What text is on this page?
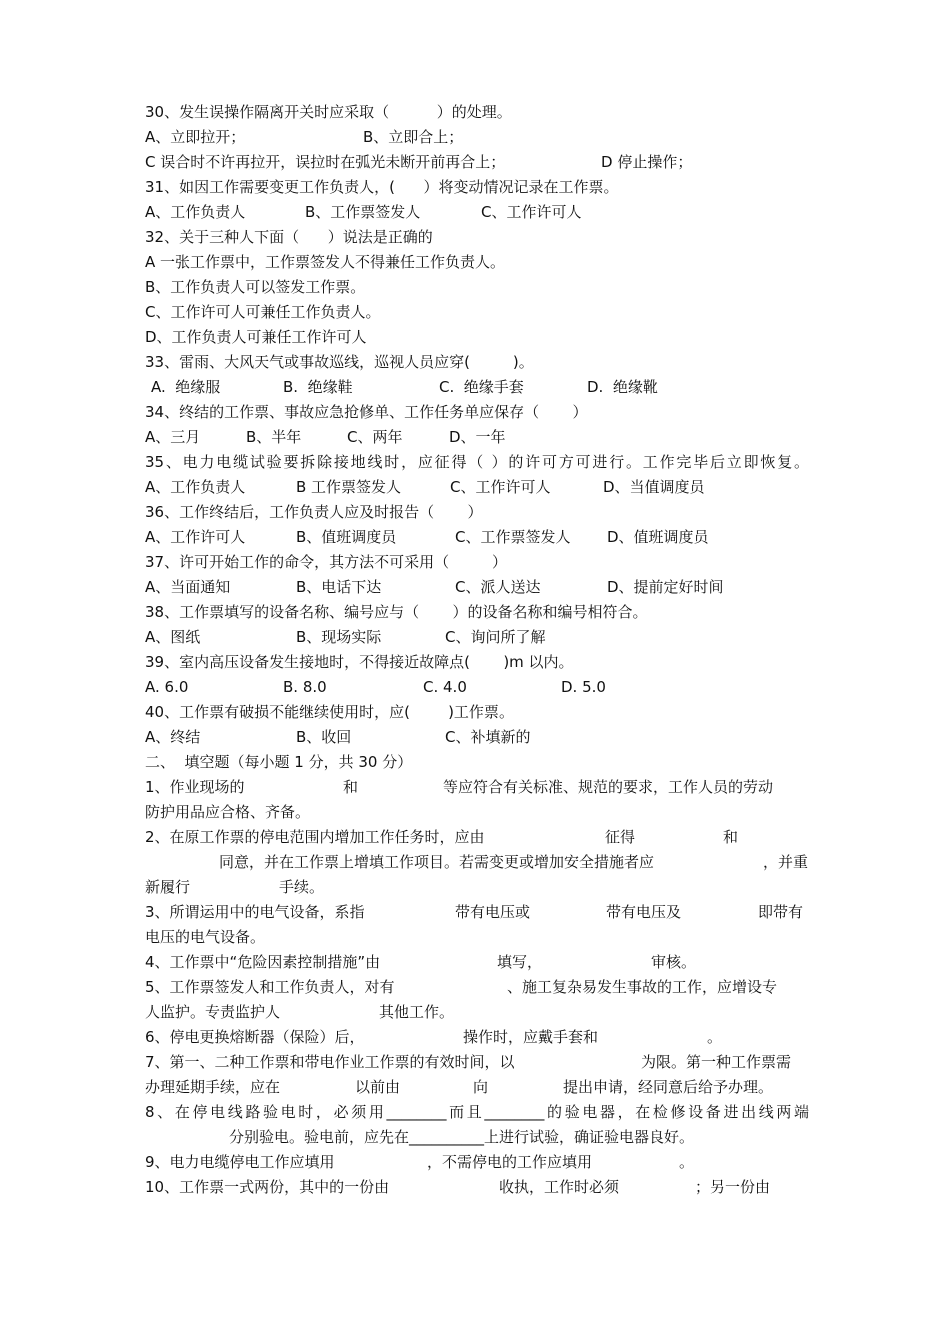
30、发生误操作隔离开关时应采取（          ）的处理。
A、立即拉开；	B、立即合上；
C 误合时不许再拉开，误拉时在弧光未断开前再合上；	D 停止操作；
31、如因工作需要变更工作负责人，(      ）将变动情况记录在工作票。
A、工作负责人	B、工作票签发人	C、工作许可人
32、关于三种人下面（      ）说法是正确的
A 一张工作票中，工作票签发人不得兼任工作负责人。
B、工作负责人可以签发工作票。
C、工作许可人可兼任工作负责人。
D、工作负责人可兼任工作许可人
33、雷雨、大风天气或事故巡线，巡视人员应穿(         )。
A.  绝缘服	B.  绝缘鞋	C.  绝缘手套	D.  绝缘靴
34、终结的工作票、事故应急抢修单、工作任务单应保存（       ）
A、三月	B、半年	C、两年	D、一年
35、电力电缆试验要拆除接地线时，应征得（ ）的许可方可进行。工作完毕后立即恢复。
A、工作负责人	B 工作票签发人	C、工作许可人	D、当值调度员
36、工作终结后，工作负责人应及时报告（       ）
A、工作许可人	B、值班调度员	C、工作票签发人 D、值班调度员
37、许可开始工作的命令，其方法不可采用（         ）
A、当面通知	B、电话下达	C、派人送达	D、提前定好时间
38、工作票填写的设备名称、编号应与（       ）的设备名称和编号相符合。
A、图纸	B、现场实际	C、询问所了解
39、室内高压设备发生接地时，不得接近故障点(       )m 以内。
A. 6.0	B. 8.0	C. 4.0	D. 5.0
40、工作票有破损不能继续使用时，应(        )工作票。
A、终结	B、收回	C、补填新的
二、  填空题（每小题 1 分，共 30 分）
1、作业现场的	和	等应符合有关标准、规范的要求，工作人员的劳动
防护用品应合格、齐备。
2、在原工作票的停电范围内增加工作任务时，应由	征得	和
同意，并在工作票上增填工作项目。若需变更或增加安全措施者应	，并重
新履行	手续。
3、所谓运用中的电气设备，系指	带有电压或	带有电压及	即带有
电压的电气设备。
4、工作票中“危险因素控制措施”由	填写，	审核。
5、工作票签发人和工作负责人，对有	、施工复杂易发生事故的工作，应增设专
人监护。专责监护人	其他工作。
6、停电更换熔断器（保险）后，	操作时，应戴手套和	。
7、第一、二种工作票和带电作业工作票的有效时间，以	为限。第一种工作票需
办理延期手续，应在	以前由	向	提出申请，经同意后给予办理。
8、在停电线路验电时，必须用________而且________的验电器，在检修设备进出线两端
分别验电。验电前，应先在__________上进行试验，确证验电器良好。
9、电力电缆停电工作应填用	，不需停电的工作应填用	。
10、工作票一式两份，其中的一份由	收执，工作时必须	；另一份由
